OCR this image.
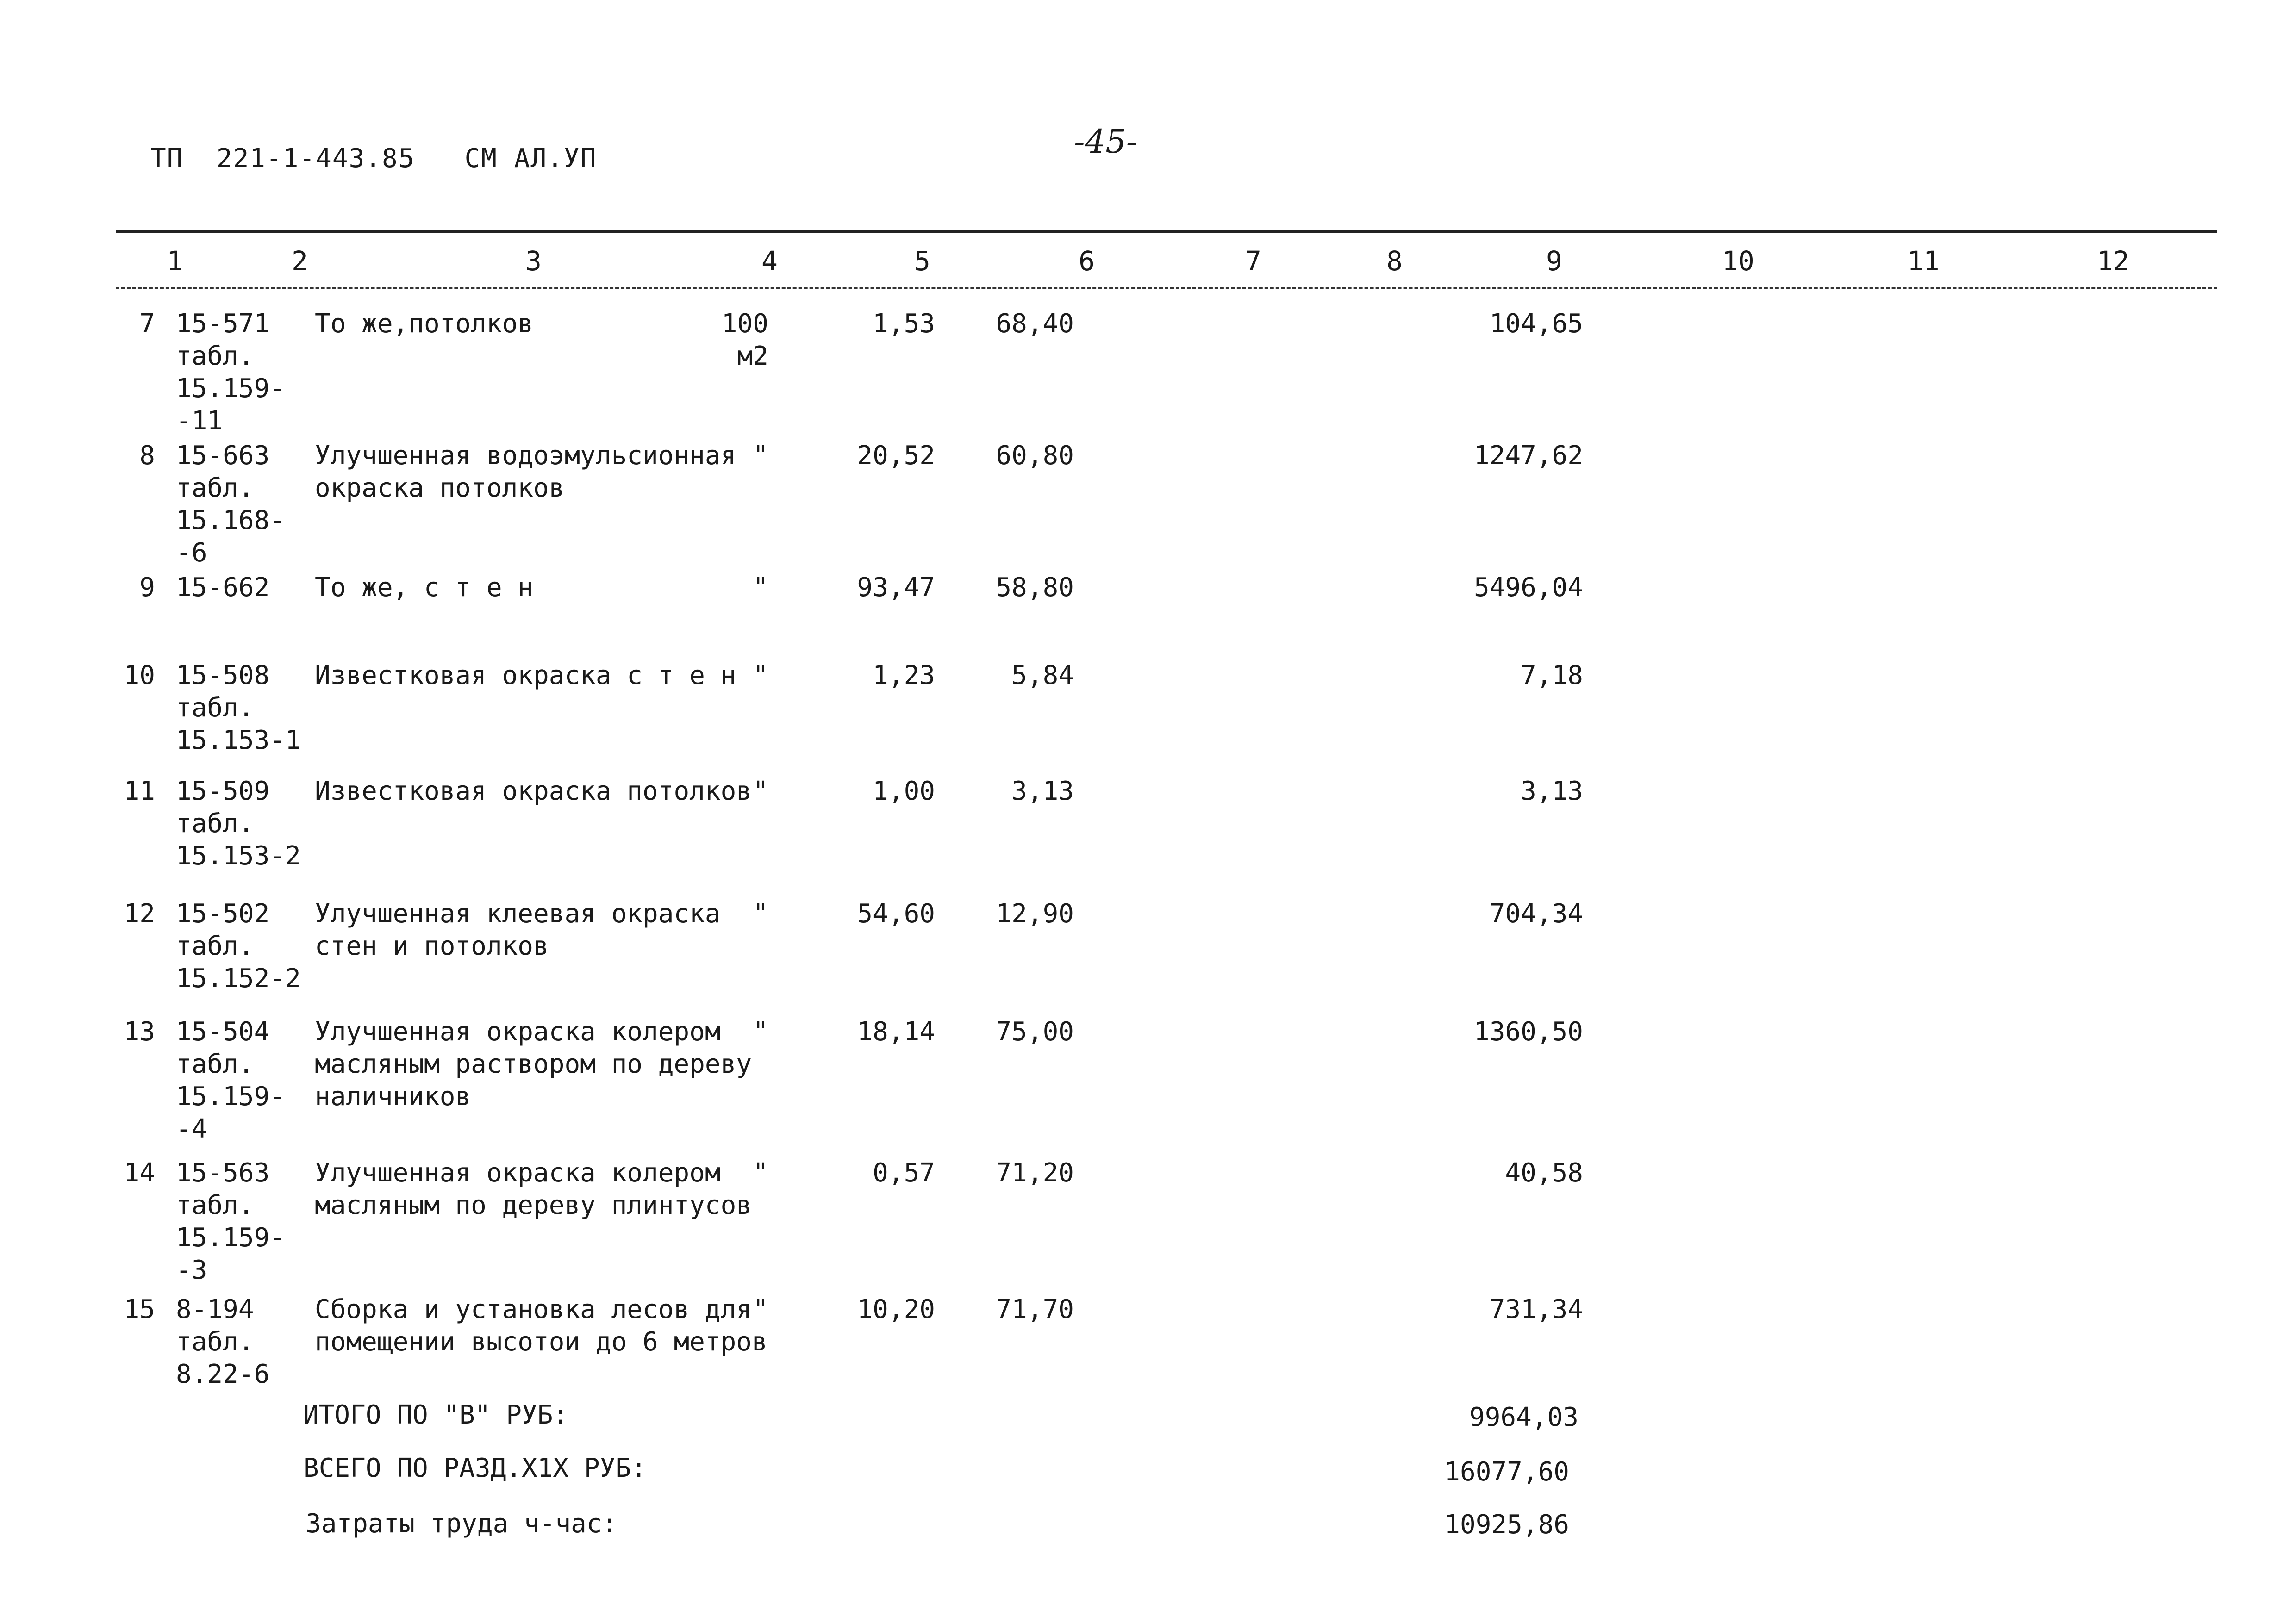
ТП  221-1-443.85   СМ АЛ.УП	-45-
1	2	3	4	5	6	7	8	9	10	11	12
7 15-571
табл.
15.159-
-11
То же,потолков	100
м2
1,53	68,40	104,65
8 15-663
табл.
15.168-
-6
Улучшенная водоэмульсионная
окраска потолков
"	20,52	60,80	1247,62
9 15-662	То же, с т е н	"	93,47	58,80	5496,04
10 15-508
табл.
15.153-1
Известковая окраска с т е н "	1,23	5,84	7,18
11 15-509
табл.
15.153-2
Известковая окраска потолков "	1,00	3,13	3,13
12 15-502
табл.
15.152-2
Улучшенная клеевая окраска
стен и потолков
"	54,60	12,90	704,34
13 15-504
табл.
15.159-
-4
Улучшенная окраска колером
масляным раствором по дереву
наличников
"	18,14	75,00	1360,50
14 15-563
табл.
15.159-
-3
Улучшенная окраска колером
масляным по дереву плинтусов
"	0,57	71,20	40,58
15 8-194
табл.
8.22-6
Сборка и установка лесов для
помещении высотои до 6 метров
"	10,20	71,70	731,34
ИТОГО ПО "В" РУБ:	9964,03
ВСЕГО ПО РАЗД.Х1Х РУБ:	16077,60
Затраты труда ч-час:	10925,86
